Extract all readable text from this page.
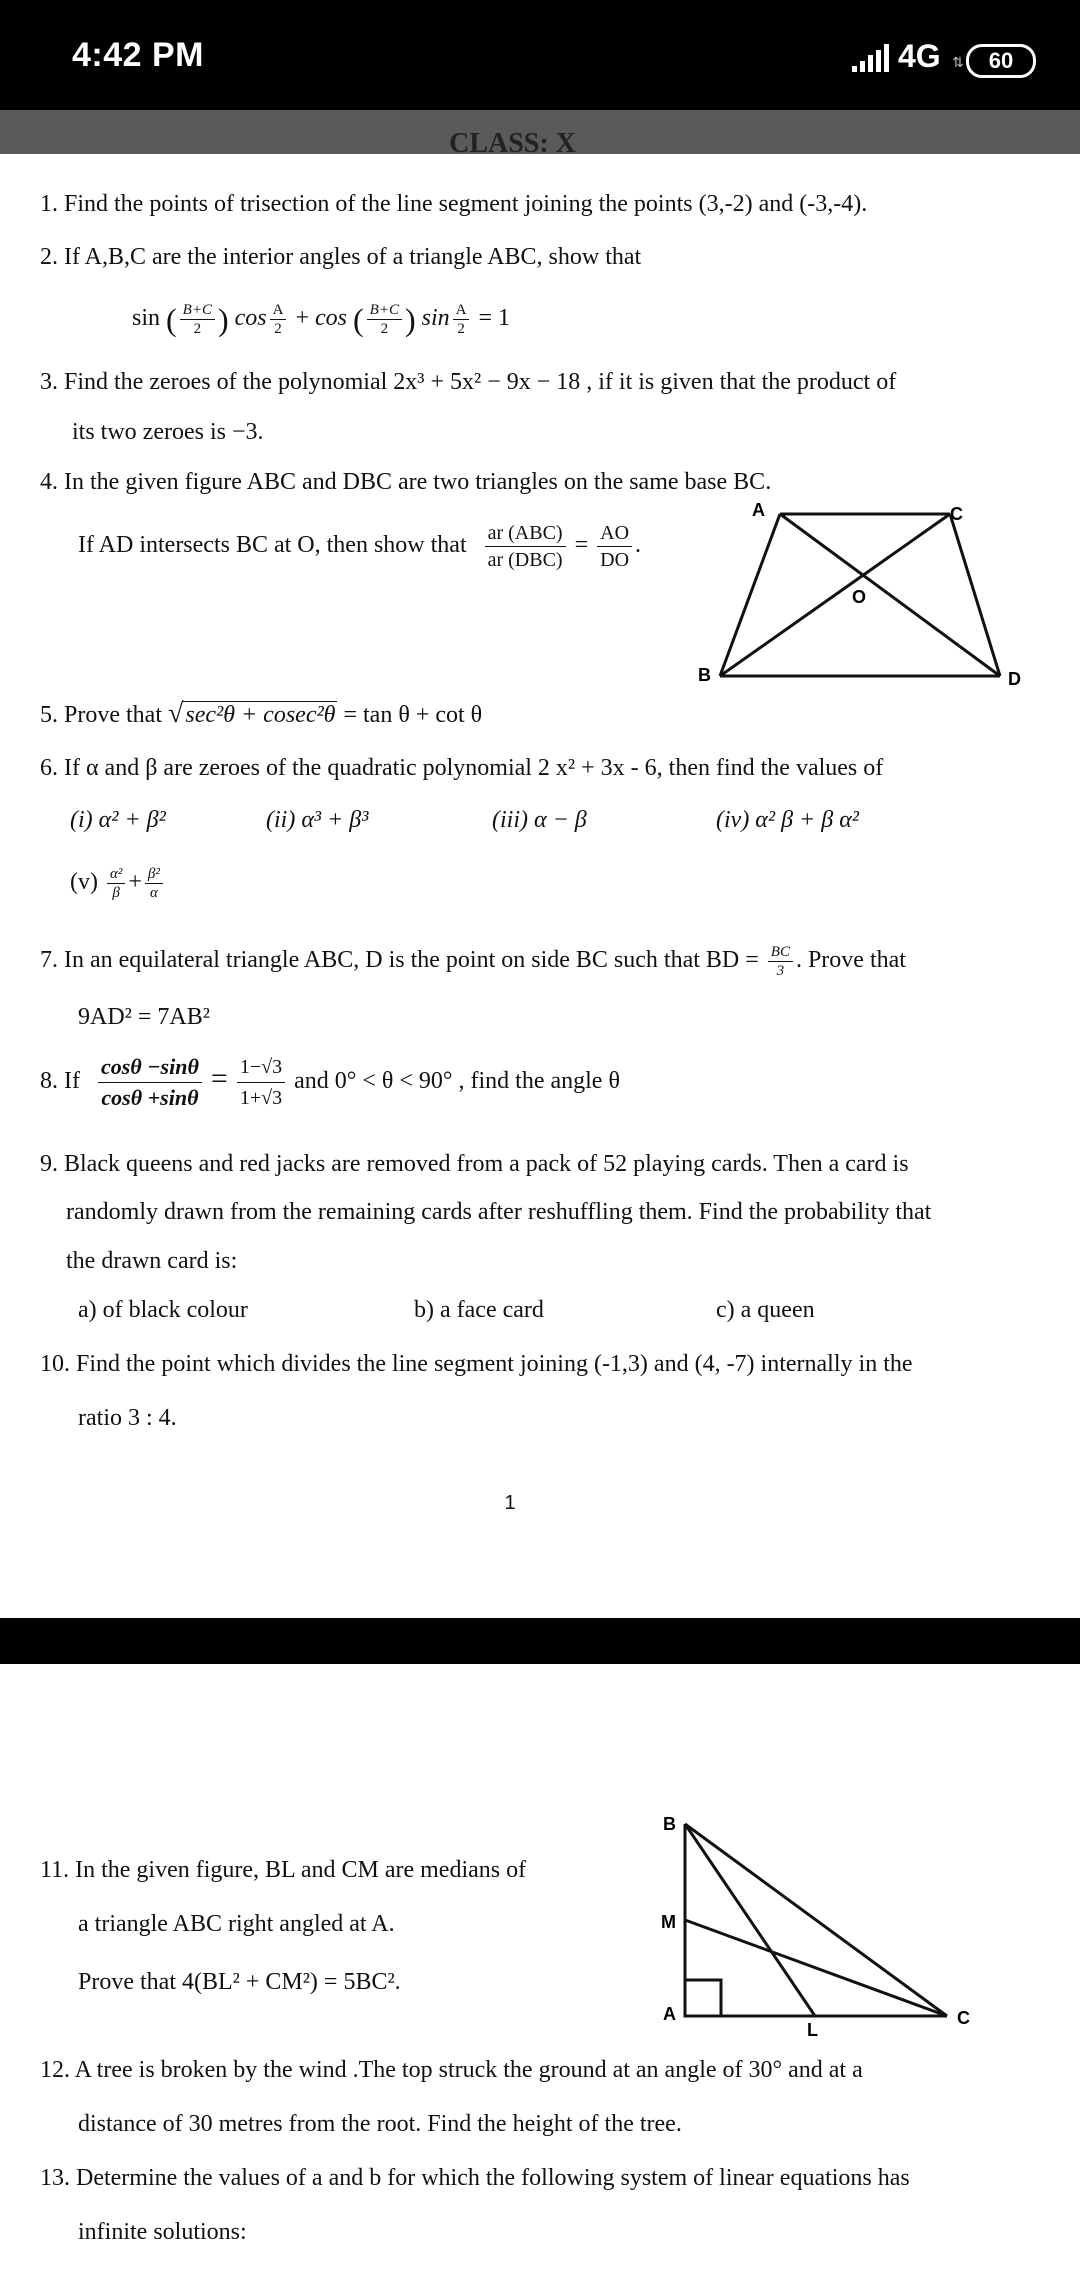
4:42 PM	4G ⇅	60
CLASS: X
1. Find the points of trisection of the line segment joining the points (3,-2) and (-3,-4).
2. If A,B,C are the interior angles of a triangle ABC, show that
sin ( $\frac{B+C}{2}$ ) $\cos \frac{A}{2} + \cos$ ( $\frac{B+C}{2}$ ) $\sin \frac{A}{2} = 1$
3. Find the zeroes of the polynomial 2x³ + 5x² − 9x − 18 , if it is given that the product of
its two zeroes is −3.
4. In the given figure ABC and DBC are two triangles on the same base BC.
If AD intersects BC at O, then show that $\frac{\text{ar (ABC)}}{\text{ar (DBC)}} = \frac{AO}{DO}$ .
A	C
O
B	D
5. Prove that √sec²θ + cosec²θ = tan θ + cot θ
6. If α and β are zeroes of the quadratic polynomial 2 x² + 3x - 6, then find the values of
(i) α² + β²	(ii) α³ + β³	(iii) α − β	(iv) α² β + β α²
$(v) \frac{\text{α²}}{\beta} + \frac{\text{β²}}{\alpha}$
7. In an equilateral triangle ABC, D is the point on side BC such that BD = $\frac{BC}{3}$ . Prove that
9AD² = 7AB²
8. If $\frac{\cos\theta -\sin\theta}{\cos\theta +\sin\theta} = \frac{1-√3}{1+√3}$ and 0° < θ < 90° , find the angle θ
9. Black queens and red jacks are removed from a pack of 52 playing cards. Then a card is
randomly drawn from the remaining cards after reshuffling them. Find the probability that
the drawn card is:
a) of black colour	b) a face card	c) a queen
10. Find the point which divides the line segment joining (-1,3) and (4, -7) internally in the
ratio 3 : 4.
1
11. In the given figure, BL and CM are medians of
a triangle ABC right angled at A.
Prove that 4(BL² + CM²) = 5BC².
B
M
A
L
C
12. A tree is broken by the wind .The top struck the ground at an angle of 30° and at a
distance of 30 metres from the root. Find the height of the tree.
13. Determine the values of a and b for which the following system of linear equations has
infinite solutions:
